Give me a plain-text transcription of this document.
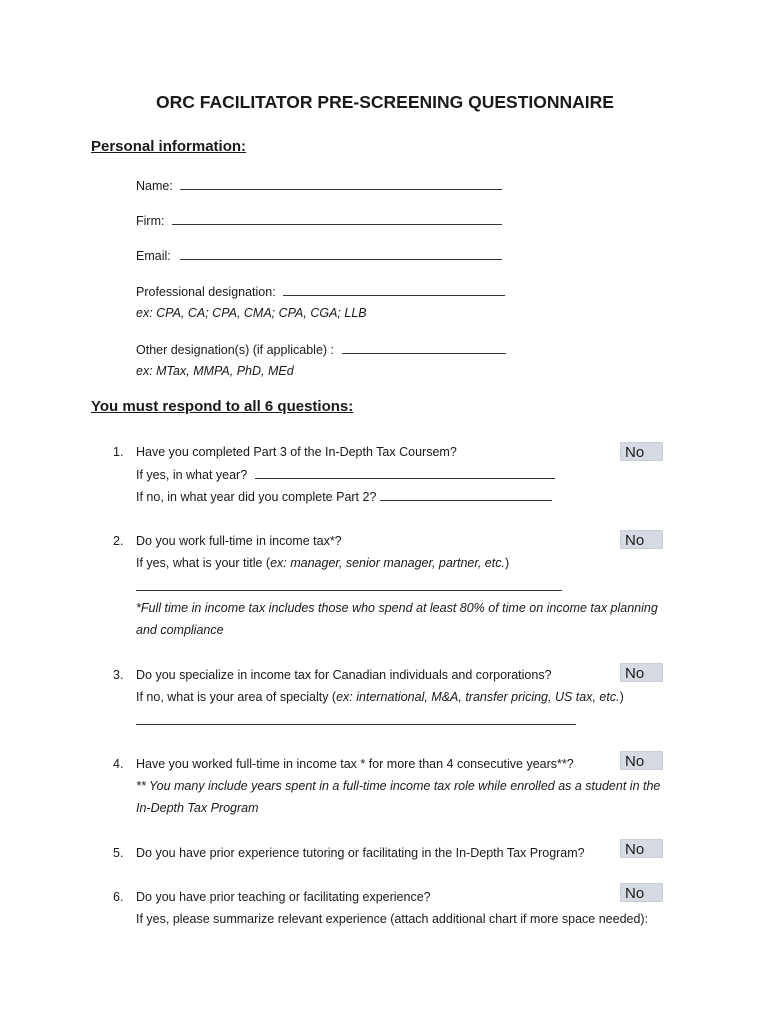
ORC FACILITATOR PRE-SCREENING QUESTIONNAIRE
Personal information:
Name:
Firm:
Email:
Professional designation:
ex: CPA, CA; CPA, CMA; CPA, CGA; LLB
Other designation(s) (if applicable) :
ex: MTax, MMPA, PhD, MEd
You must respond to all 6 questions:
1. Have you completed Part 3 of the In-Depth Tax Coursem?	No
If yes, in what year?
If no, in what year did you complete Part 2?
2. Do you work full-time in income tax*?	No
If yes, what is your title (ex: manager, senior manager, partner, etc.)
*Full time in income tax includes those who spend at least 80% of time on income tax planning
and compliance
3. Do you specialize in income tax for Canadian individuals and corporations?	No
If no, what is your area of specialty (ex: international, M&A, transfer pricing, US tax, etc.)
4. Have you worked full-time in income tax * for more than 4 consecutive years**?	No
** You many include years spent in a full-time income tax role while enrolled as a student in the
In-Depth Tax Program
5. Do you have prior experience tutoring or facilitating in the In-Depth Tax Program?	No
6. Do you have prior teaching or facilitating experience?	No
If yes, please summarize relevant experience (attach additional chart if more space needed):
